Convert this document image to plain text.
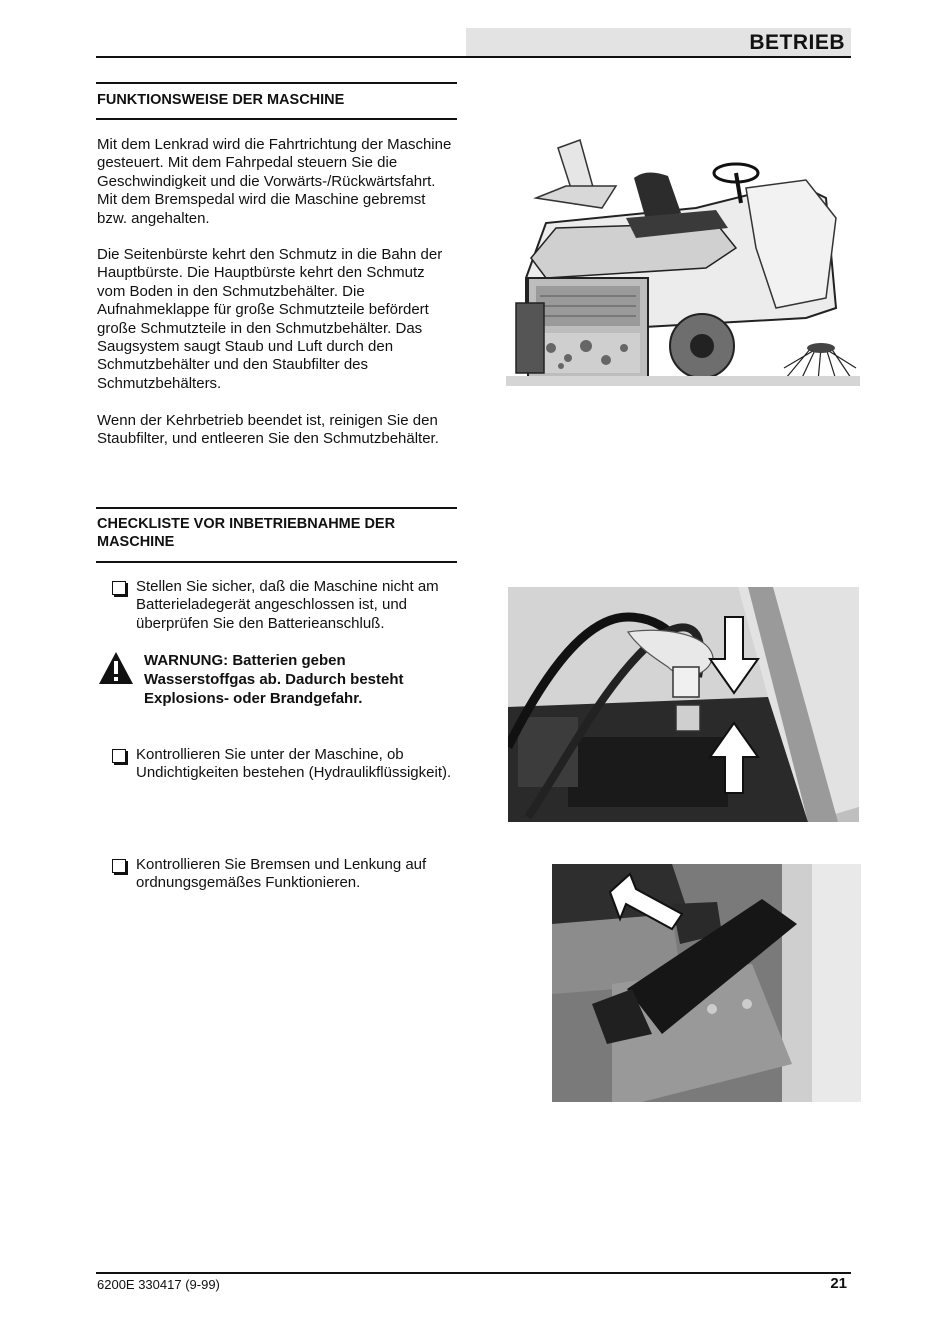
BETRIEB
FUNKTIONSWEISE DER MASCHINE
Mit dem Lenkrad wird die Fahrtrichtung der Maschine gesteuert. Mit dem Fahrpedal steuern Sie die Geschwindigkeit und die Vorwärts-/Rückwärtsfahrt. Mit dem Bremspedal wird die Maschine gebremst bzw. angehalten.
Die Seitenbürste kehrt den Schmutz in die Bahn der Hauptbürste. Die Hauptbürste kehrt den Schmutz vom Boden in den Schmutzbehälter. Die Aufnahmeklappe für große Schmutzteile befördert große Schmutzteile in den Schmutzbehälter. Das Saugsystem saugt Staub und Luft durch den Schmutzbehälter und den Staubfilter des Schmutzbehälters.
Wenn der Kehrbetrieb beendet ist, reinigen Sie den Staubfilter, und entleeren Sie den Schmutzbehälter.
CHECKLISTE VOR INBETRIEBNAHME DER MASCHINE
Stellen Sie sicher, daß die Maschine nicht am Batterieladegerät angeschlossen ist, und überprüfen Sie den Batterieanschluß.
WARNUNG: Batterien geben Wasserstoffgas ab. Dadurch besteht Explosions- oder Brandgefahr.
Kontrollieren Sie unter der Maschine, ob Undichtigkeiten bestehen (Hydraulikflüssigkeit).
Kontrollieren Sie Bremsen und Lenkung auf ordnungsgemäßes Funktionieren.
6200E 330417 (9-99)	21
